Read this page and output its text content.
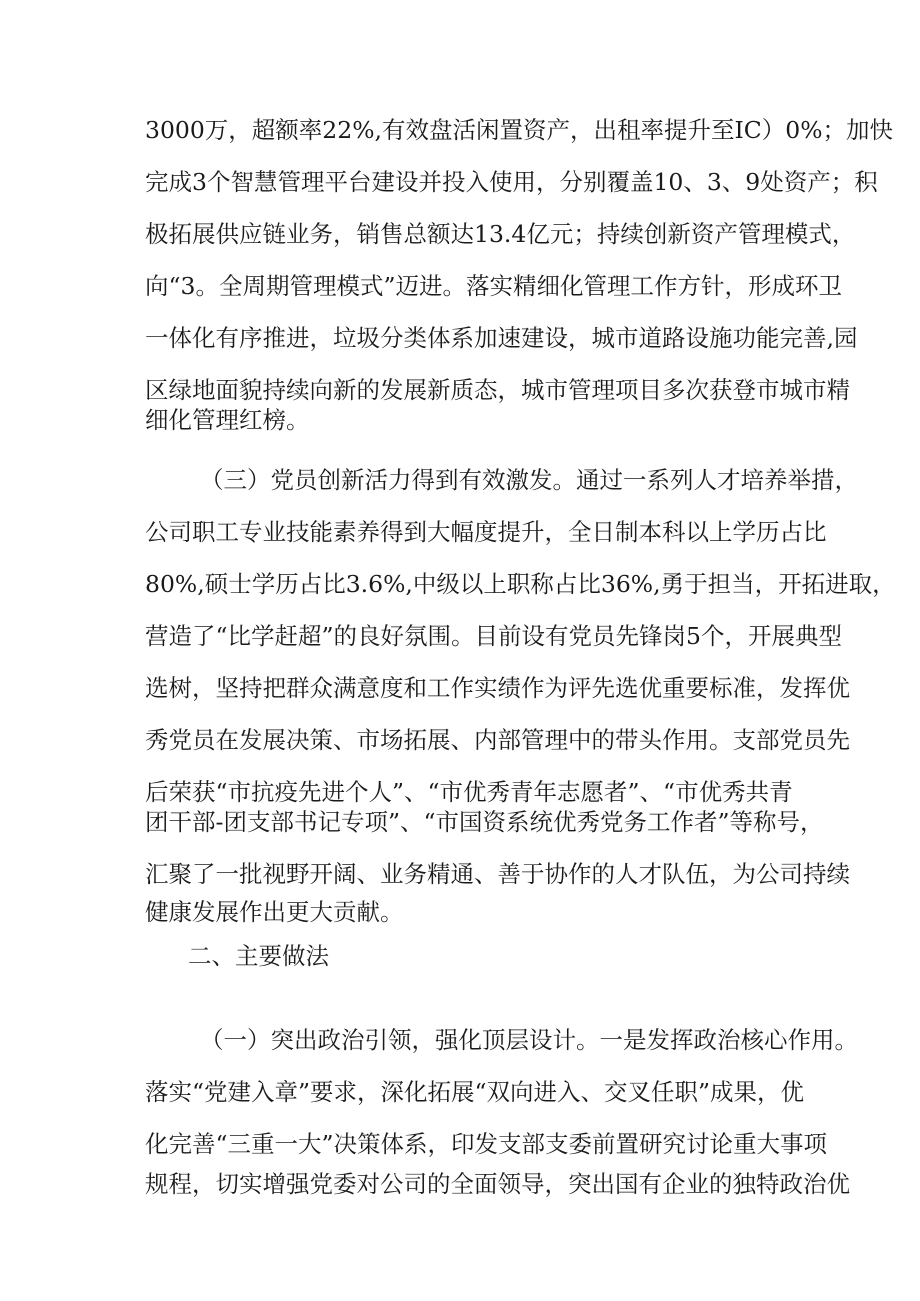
3000万，超额率22%,有效盘活闲置资产，出租率提升至IC）0%；加快
完成3个智慧管理平台建设并投入使用，分别覆盖10、3、9处资产；积
极拓展供应链业务，销售总额达13.4亿元；持续创新资产管理模式，
向“3。全周期管理模式”迈进。落实精细化管理工作方针，形成环卫
一体化有序推进，垃圾分类体系加速建设，城市道路设施功能完善,园
区绿地面貌持续向新的发展新质态，城市管理项目多次获登市城市精
细化管理红榜。
（三）党员创新活力得到有效激发。通过一系列人才培养举措，
公司职工专业技能素养得到大幅度提升，全日制本科以上学历占比
80%,硕士学历占比3.6%,中级以上职称占比36%,勇于担当，开拓进取，
营造了“比学赶超”的良好氛围。目前设有党员先锋岗5个，开展典型
选树，坚持把群众满意度和工作实绩作为评先选优重要标准，发挥优
秀党员在发展决策、市场拓展、内部管理中的带头作用。支部党员先
后荣获“市抗疫先进个人”、“市优秀青年志愿者”、“市优秀共青
团干部-团支部书记专项”、“市国资系统优秀党务工作者”等称号，
汇聚了一批视野开阔、业务精通、善于协作的人才队伍，为公司持续
健康发展作出更大贡献。
二、主要做法
（一）突出政治引领，强化顶层设计。一是发挥政治核心作用。
落实“党建入章”要求，深化拓展“双向进入、交叉任职”成果，优
化完善“三重一大”决策体系，印发支部支委前置研究讨论重大事项
规程，切实增强党委对公司的全面领导，突出国有企业的独特政治优
